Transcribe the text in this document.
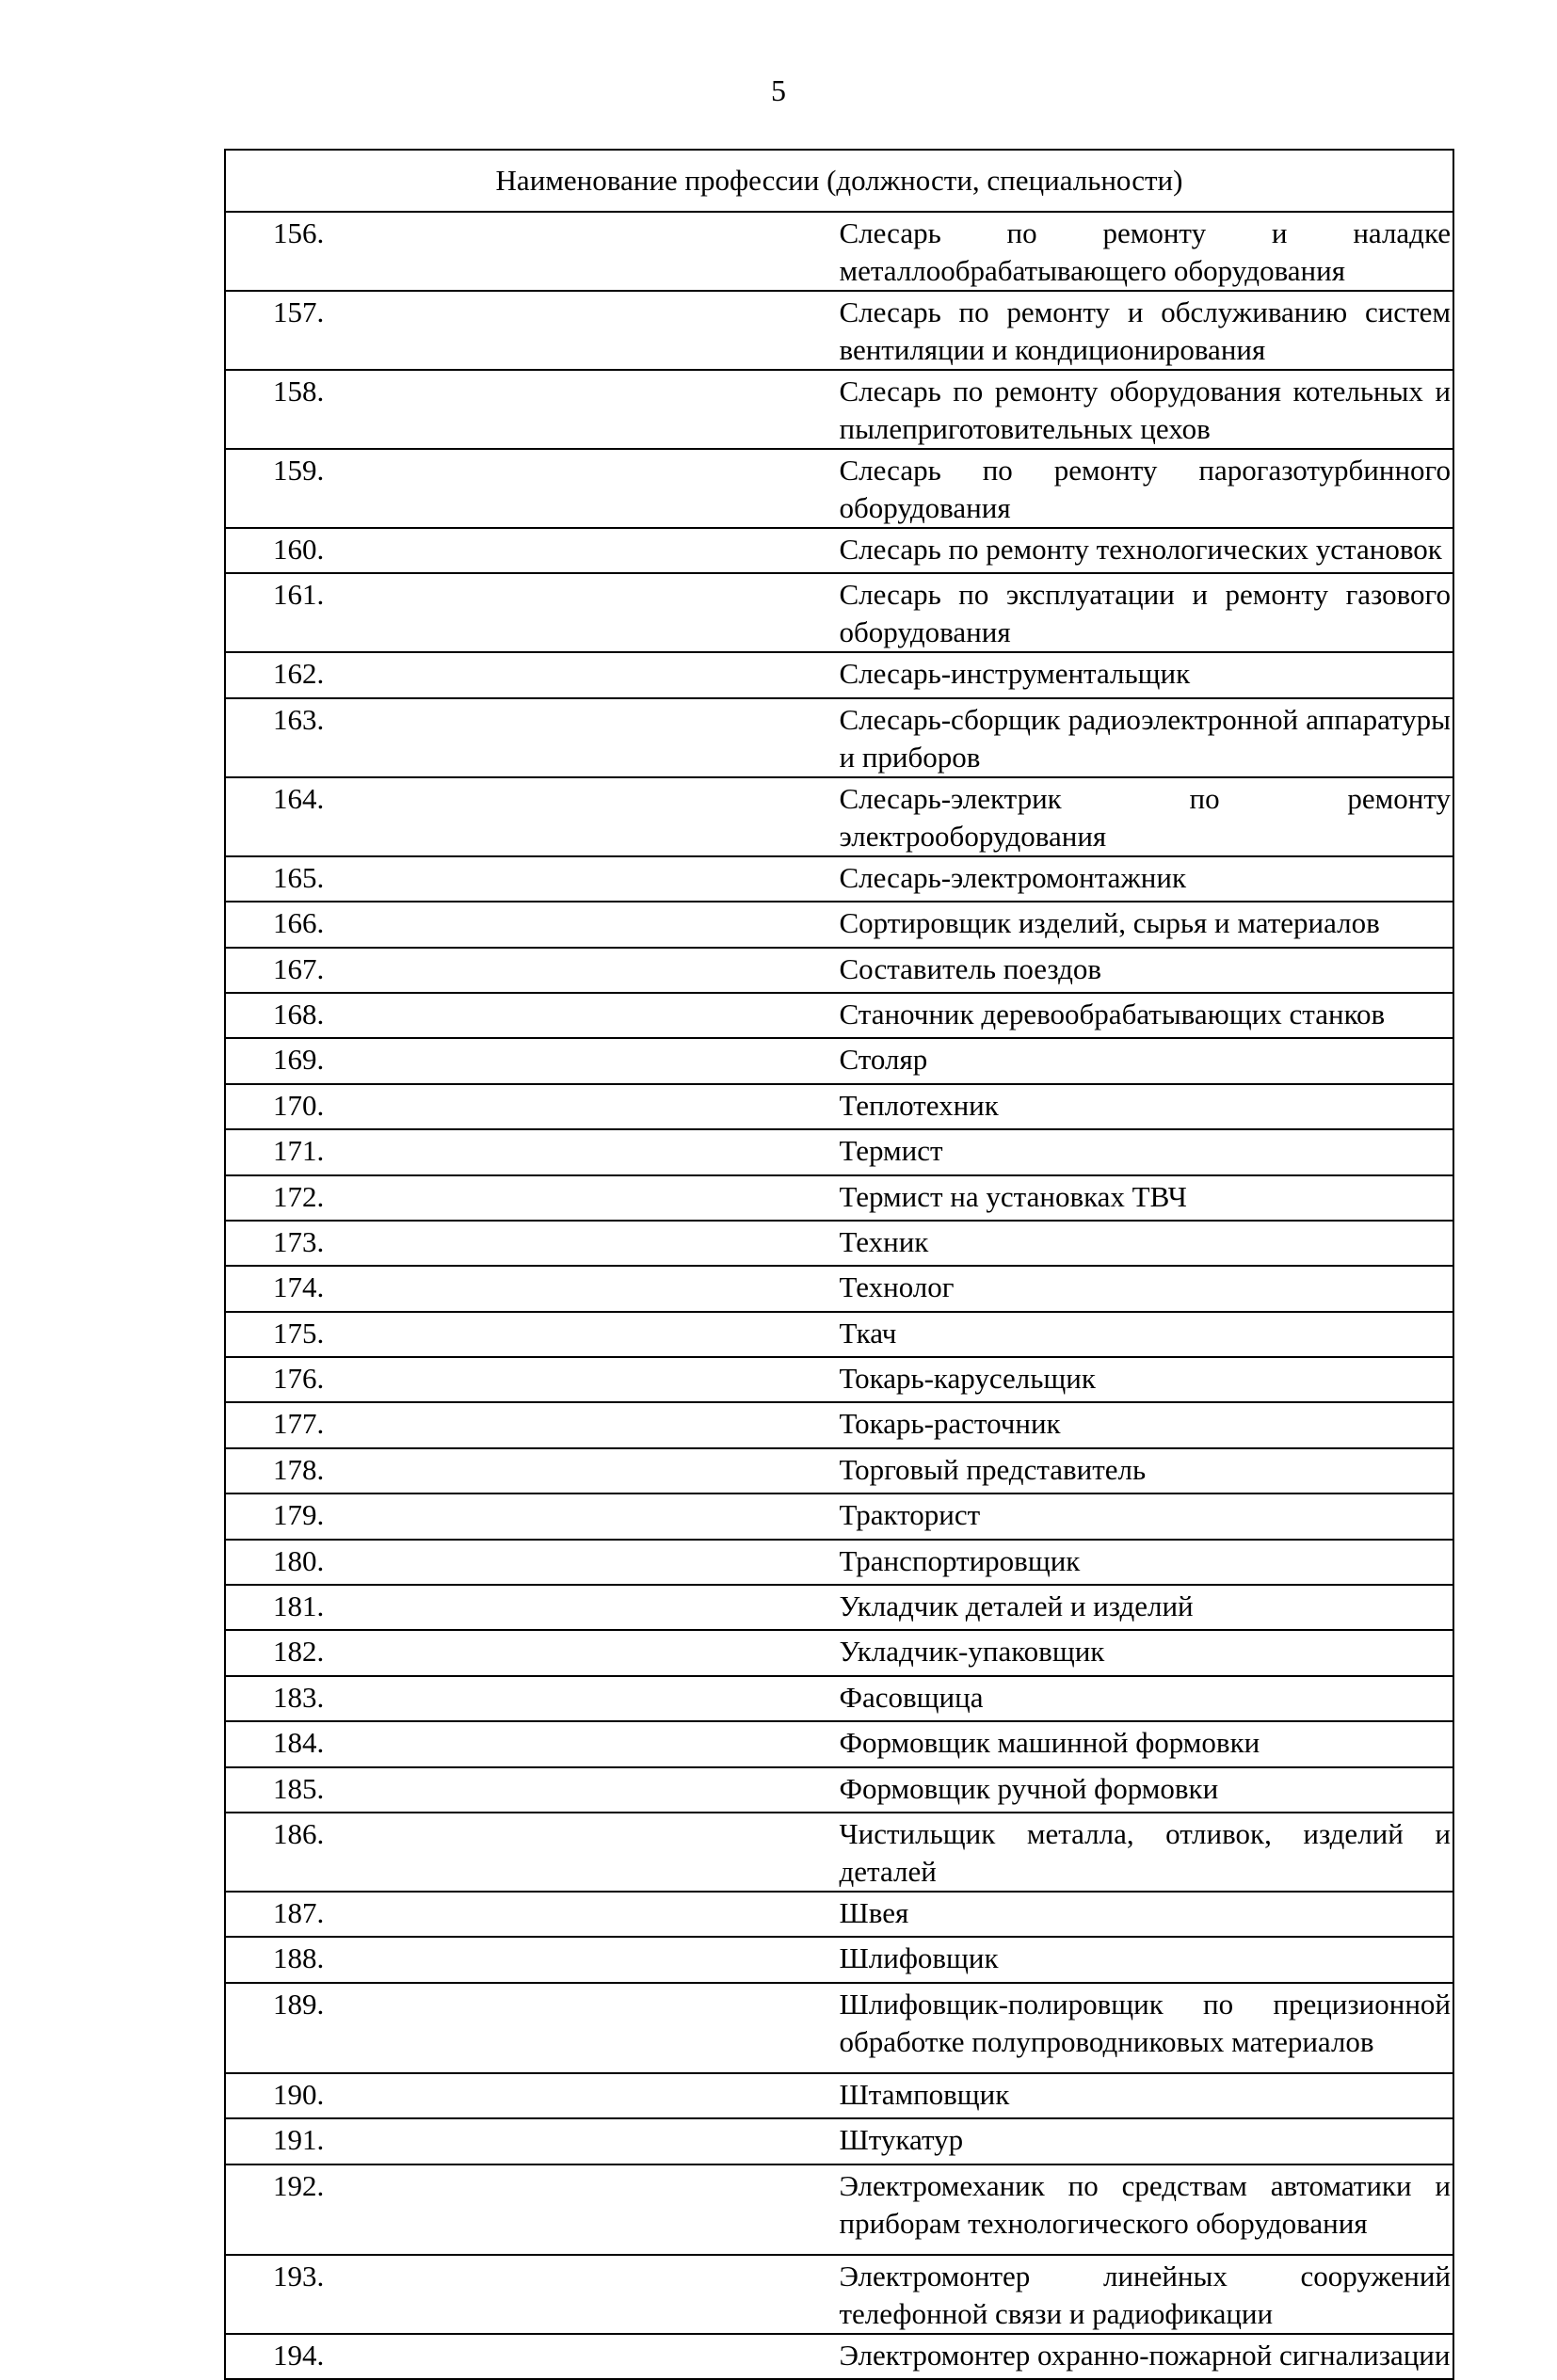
5
Наименование профессии (должности, специальности)	
156.	Слесарь по ремонту и наладке металлообрабатывающего оборудования
157.	Слесарь по ремонту и обслуживанию систем вентиляции и кондиционирования
158.	Слесарь по ремонту оборудования котельных и пылеприготовительных цехов
159.	Слесарь по ремонту парогазотурбинного оборудования
160.	Слесарь по ремонту технологических установок
161.	Слесарь по эксплуатации и ремонту газового оборудования
162.	Слесарь-инструментальщик
163.	Слесарь-сборщик радиоэлектронной аппаратуры и приборов
164.	Слесарь-электрик по ремонту электрооборудования
165.	Слесарь-электромонтажник
166.	Сортировщик изделий, сырья и материалов
167.	Составитель поездов
168.	Станочник деревообрабатывающих станков
169.	Столяр
170.	Теплотехник
171.	Термист
172.	Термист на установках ТВЧ
173.	Техник
174.	Технолог
175.	Ткач
176.	Токарь-карусельщик
177.	Токарь-расточник
178.	Торговый представитель
179.	Тракторист
180.	Транспортировщик
181.	Укладчик деталей и изделий
182.	Укладчик-упаковщик
183.	Фасовщица
184.	Формовщик машинной формовки
185.	Формовщик ручной формовки
186.	Чистильщик металла, отливок, изделий и деталей
187.	Швея
188.	Шлифовщик
189.	Шлифовщик-полировщик по прецизионной обработке полупроводниковых материалов
190.	Штамповщик
191.	Штукатур
192.	Электромеханик по средствам автоматики и приборам технологического оборудования
193.	Электромонтер линейных сооружений телефонной связи и радиофикации
194.	Электромонтер охранно-пожарной сигнализации
